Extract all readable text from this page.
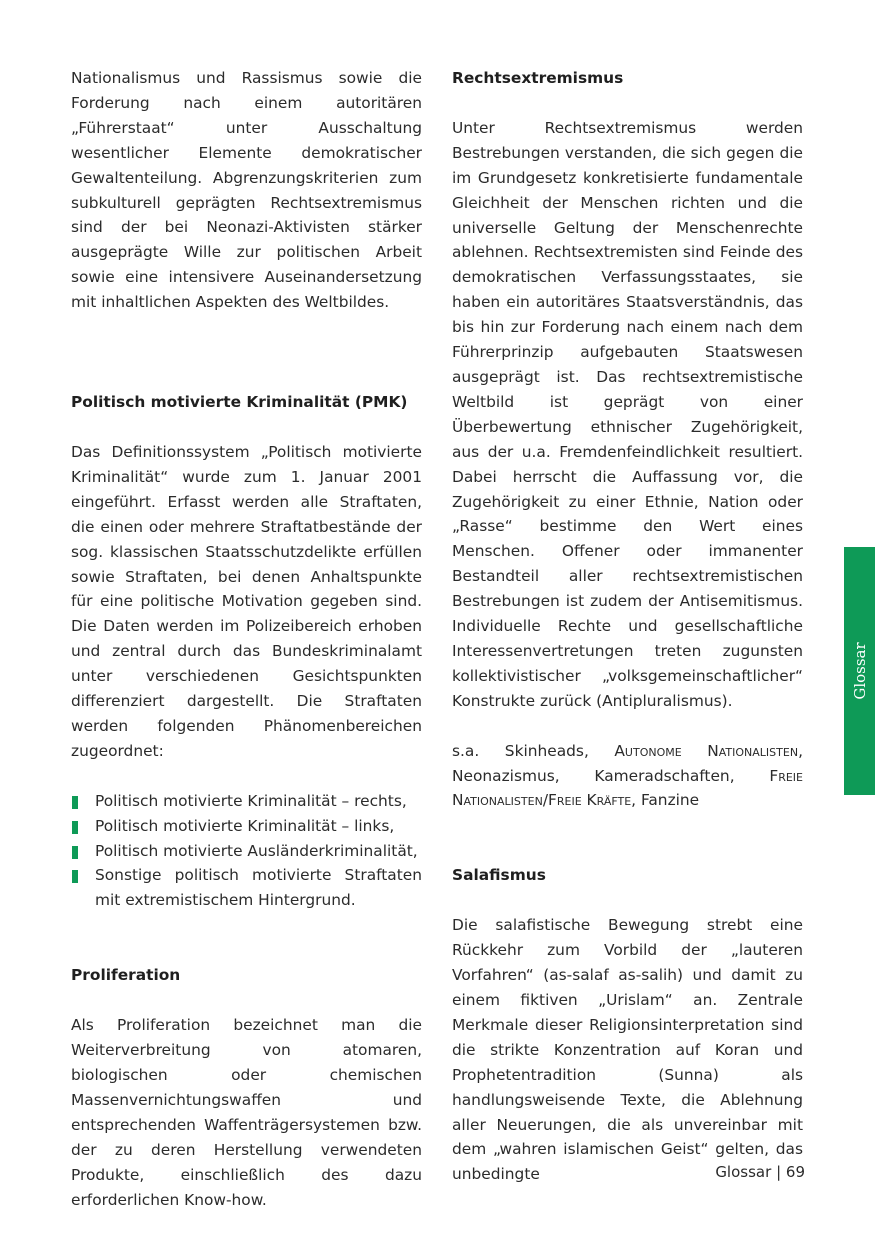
Nationalismus und Rassismus sowie die Forderung nach einem autoritären „Führerstaat“ unter Ausschaltung wesentlicher Elemente demokratischer Gewaltenteilung. Abgrenzungskriterien zum subkulturell geprägten Rechtsextremismus sind der bei Neonazi-Aktivisten stärker ausgeprägte Wille zur politischen Arbeit sowie eine intensivere Auseinandersetzung mit inhaltlichen Aspekten des Weltbildes.

Politisch motivierte Kriminalität (PMK)

Das Definitionssystem „Politisch motivierte Kriminalität“ wurde zum 1. Januar 2001 eingeführt. Erfasst werden alle Straftaten, die einen oder mehrere Straftatbestände der sog. klassischen Staatsschutzdelikte erfüllen sowie Straftaten, bei denen Anhaltspunkte für eine politische Motivation gegeben sind. Die Daten werden im Polizeibereich erhoben und zentral durch das Bundeskriminalamt unter verschiedenen Gesichtspunkten differenziert dargestellt. Die Straftaten werden folgenden Phänomenbereichen zugeordnet:

Politisch motivierte Kriminalität – rechts,
Politisch motivierte Kriminalität – links,
Politisch motivierte Ausländerkriminalität,
Sonstige politisch motivierte Straftaten mit extremistischem Hintergrund.
Proliferation

Als Proliferation bezeichnet man die Weiterverbreitung von atomaren, biologischen oder chemischen Massenvernichtungswaffen und entsprechenden Waffenträgersystemen bzw. der zu deren Herstellung verwendeten Produkte, einschließlich des dazu erforderlichen Know-how.

Rechtsextremismus

Unter Rechtsextremismus werden Bestrebungen verstanden, die sich gegen die im Grundgesetz konkretisierte fundamentale Gleichheit der Menschen richten und die universelle Geltung der Menschenrechte ablehnen. Rechtsextremisten sind Feinde des demokratischen Verfassungsstaates, sie haben ein autoritäres Staatsverständnis, das bis hin zur Forderung nach einem nach dem Führerprinzip aufgebauten Staatswesen ausgeprägt ist. Das rechtsextremistische Weltbild ist geprägt von einer Überbewertung ethnischer Zugehörigkeit, aus der u.a. Fremdenfeindlichkeit resultiert. Dabei herrscht die Auffassung vor, die Zugehörigkeit zu einer Ethnie, Nation oder „Rasse“ bestimme den Wert eines Menschen. Offener oder immanenter Bestandteil aller rechtsextremistischen Bestrebungen ist zudem der Antisemitismus. Individuelle Rechte und gesellschaftliche Interessenvertretungen treten zugunsten kollektivistischer „volksgemeinschaftlicher“ Konstrukte zurück (Antipluralismus).

s.a. Skinheads, Autonome Nationalisten, Neonazismus, Kameradschaften, Freie Nationalisten/Freie Kräfte, Fanzine

Salafismus

Die salafistische Bewegung strebt eine Rückkehr zum Vorbild der „lauteren Vorfahren“ (as-salaf as-salih) und damit zu einem fiktiven „Urislam“ an. Zentrale Merkmale dieser Religionsinterpretation sind die strikte Konzentration auf Koran und Prophetentradition (Sunna) als handlungsweisende Texte, die Ablehnung aller Neuerungen, die als unvereinbar mit dem „wahren islamischen Geist“ gelten, das unbedingte

Glossar
Glossar | 69
